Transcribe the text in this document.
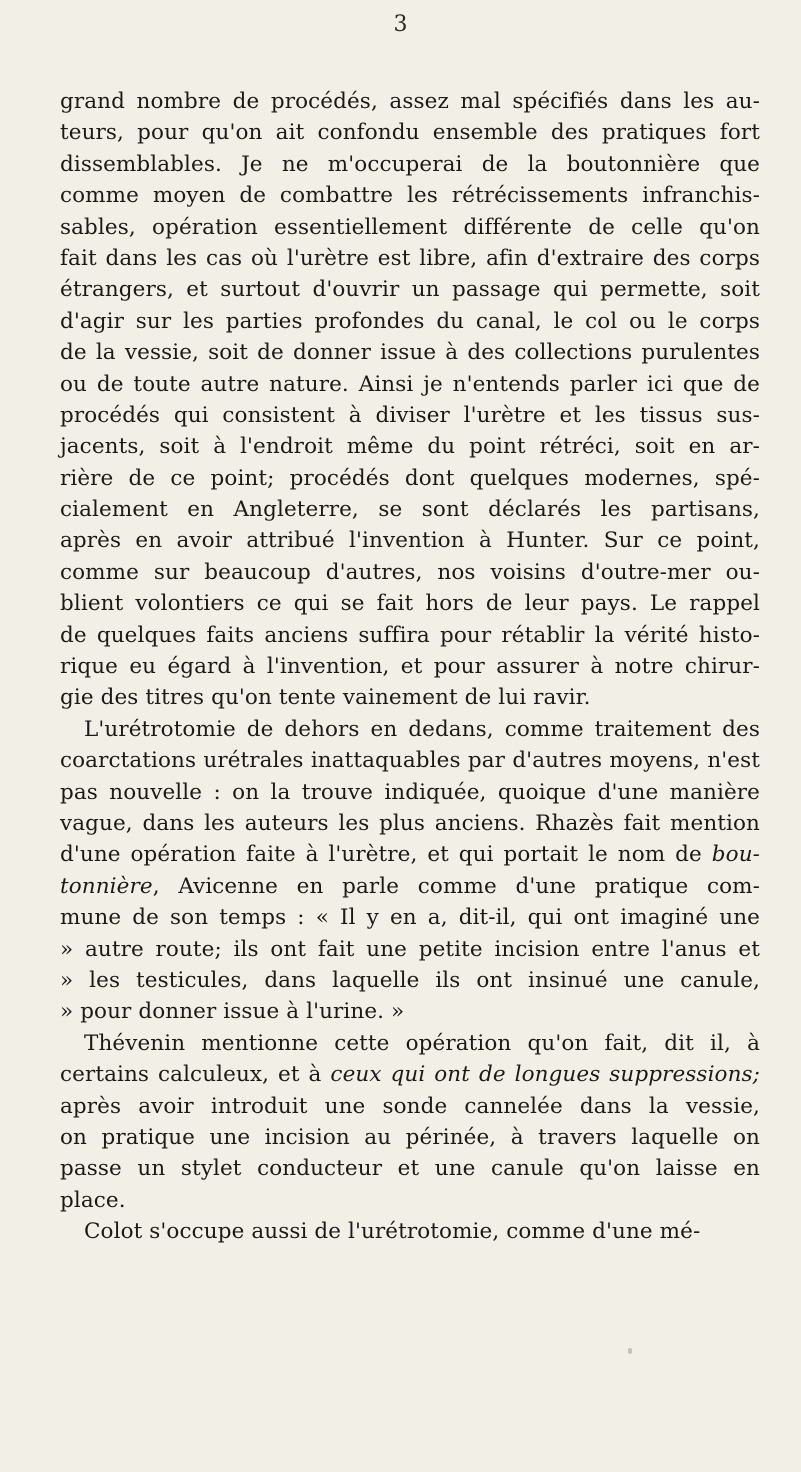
3
grand nombre de procédés, assez mal spécifiés dans les au-
teurs, pour qu'on ait confondu ensemble des pratiques fort
dissemblables. Je ne m'occuperai de la boutonnière que
comme moyen de combattre les rétrécissements infranchis-
sables, opération essentiellement différente de celle qu'on
fait dans les cas où l'urètre est libre, afin d'extraire des corps
étrangers, et surtout d'ouvrir un passage qui permette, soit
d'agir sur les parties profondes du canal, le col ou le corps
de la vessie, soit de donner issue à des collections purulentes
ou de toute autre nature. Ainsi je n'entends parler ici que de
procédés qui consistent à diviser l'urètre et les tissus sus-
jacents, soit à l'endroit même du point rétréci, soit en ar-
rière de ce point; procédés dont quelques modernes, spé-
cialement en Angleterre, se sont déclarés les partisans,
après en avoir attribué l'invention à Hunter. Sur ce point,
comme sur beaucoup d'autres, nos voisins d'outre-mer ou-
blient volontiers ce qui se fait hors de leur pays. Le rappel
de quelques faits anciens suffira pour rétablir la vérité histo-
rique eu égard à l'invention, et pour assurer à notre chirur-
gie des titres qu'on tente vainement de lui ravir.
L'urétrotomie de dehors en dedans, comme traitement des
coarctations urétrales inattaquables par d'autres moyens, n'est
pas nouvelle : on la trouve indiquée, quoique d'une manière
vague, dans les auteurs les plus anciens. Rhazès fait mention
d'une opération faite à l'urètre, et qui portait le nom de bou-
tonnière, Avicenne en parle comme d'une pratique com-
mune de son temps : « Il y en a, dit-il, qui ont imaginé une
» autre route; ils ont fait une petite incision entre l'anus et
» les testicules, dans laquelle ils ont insinué une canule,
» pour donner issue à l'urine. »
Thévenin mentionne cette opération qu'on fait, dit il, à
certains calculeux, et à ceux qui ont de longues suppressions;
après avoir introduit une sonde cannelée dans la vessie,
on pratique une incision au périnée, à travers laquelle on
passe un stylet conducteur et une canule qu'on laisse en
place.
Colot s'occupe aussi de l'urétrotomie, comme d'une mé-
